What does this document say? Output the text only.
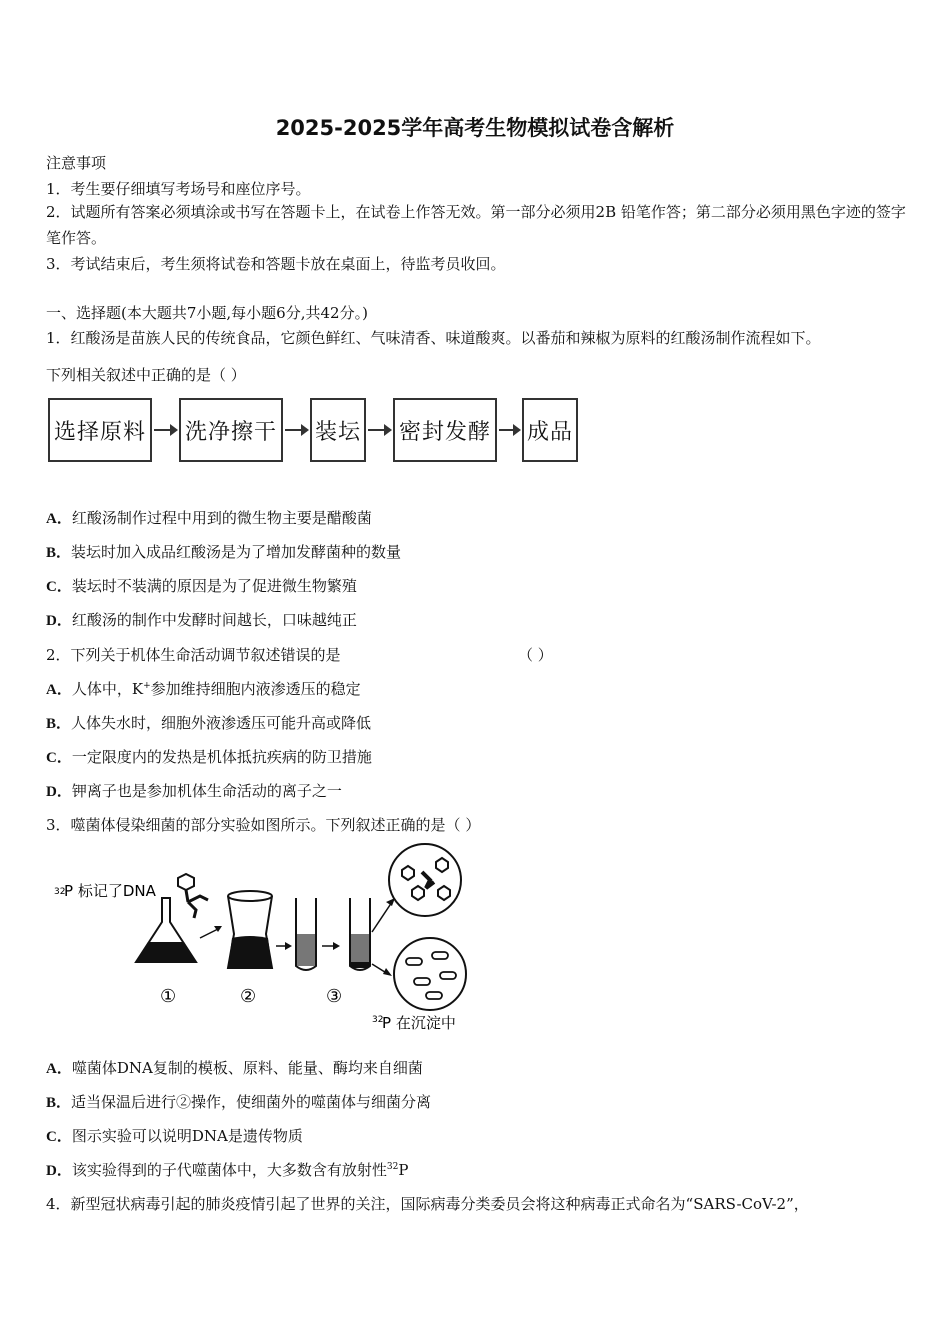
2025-2025学年高考生物模拟试卷含解析
注意事项
1．考生要仔细填写考场号和座位序号。
2．试题所有答案必须填涂或书写在答题卡上，在试卷上作答无效。第一部分必须用2B 铅笔作答；第二部分必须用黑色字迹的签字笔作答。
3．考试结束后，考生须将试卷和答题卡放在桌面上，待监考员收回。
一、选择题(本大题共7小题,每小题6分,共42分。)
1．红酸汤是苗族人民的传统食品，它颜色鲜红、气味清香、味道酸爽。以番茄和辣椒为原料的红酸汤制作流程如下。
下列相关叙述中正确的是（ ）
选择原料 洗净擦干 装坛 密封发酵 成品
A．红酸汤制作过程中用到的微生物主要是醋酸菌
B．装坛时加入成品红酸汤是为了增加发酵菌种的数量
C．装坛时不装满的原因是为了促进微生物繁殖
D．红酸汤的制作中发酵时间越长，口味越纯正
2．下列关于机体生命活动调节叙述错误的是	（ ）
A．人体中，K+参加维持细胞内液渗透压的稳定
B．人体失水时，细胞外液渗透压可能升高或降低
C．一定限度内的发热是机体抵抗疾病的防卫措施
D．钾离子也是参加机体生命活动的离子之一
3．噬菌体侵染细菌的部分实验如图所示。下列叙述正确的是（ ）
32
P 标记了DNA
①	②	③
32
P 在沉淀中
A．噬菌体DNA复制的模板、原料、能量、酶均来自细菌
B．适当保温后进行②操作，使细菌外的噬菌体与细菌分离
C．图示实验可以说明DNA是遗传物质
D．该实验得到的子代噬菌体中，大多数含有放射性$^{32}$P
4．新型冠状病毒引起的肺炎疫情引起了世界的关注，国际病毒分类委员会将这种病毒正式命名为“SARS-CoV-2”，
